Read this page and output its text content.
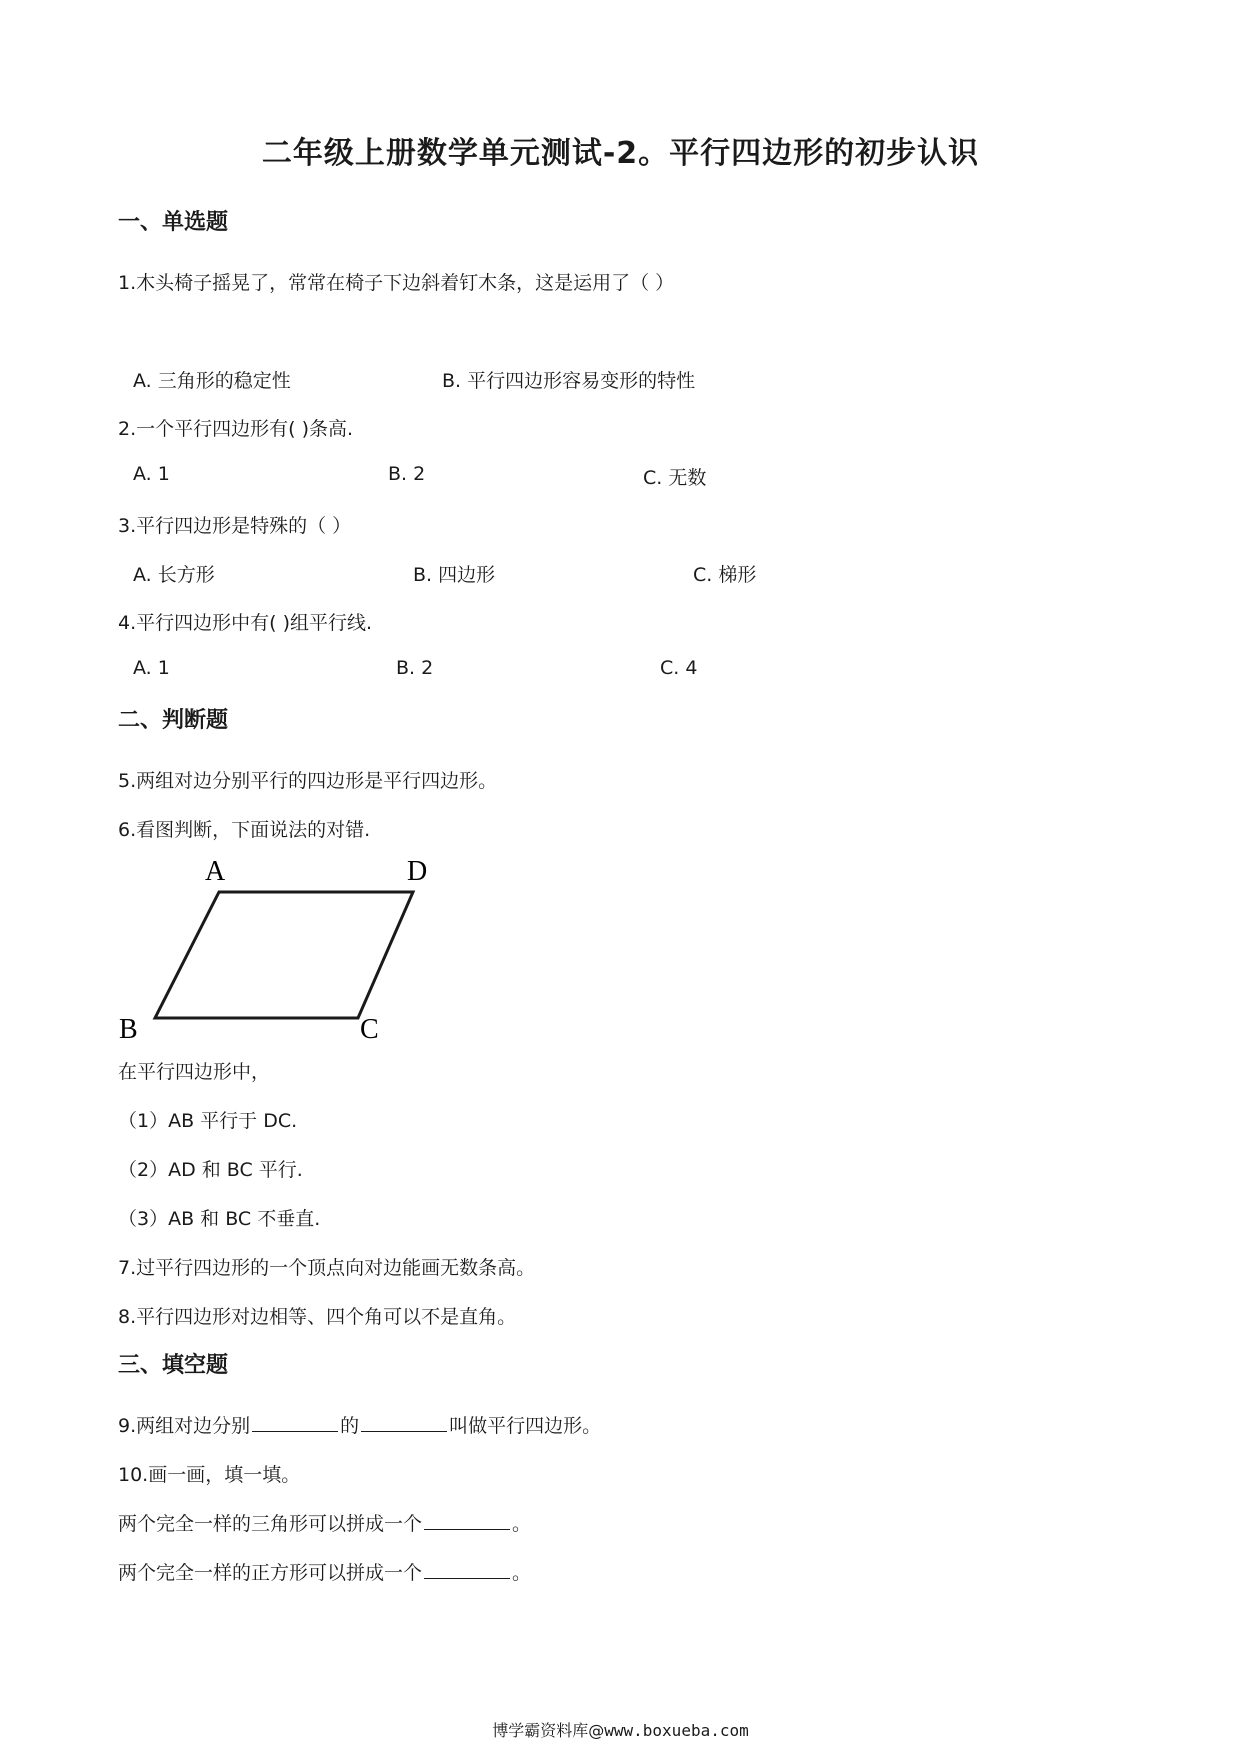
二年级上册数学单元测试-2。平行四边形的初步认识
一、单选题
1.木头椅子摇晃了，常常在椅子下边斜着钉木条，这是运用了（ ）
A. 三角形的稳定性	B. 平行四边形容易变形的特性
2.一个平行四边形有( )条高.
A. 1	B. 2	C. 无数
3.平行四边形是特殊的（ ）
A. 长方形	B. 四边形	C. 梯形
4.平行四边形中有( )组平行线.
A. 1	B. 2	C. 4
二、判断题
5.两组对边分别平行的四边形是平行四边形。
6.看图判断，下面说法的对错.
A	D
B	C
在平行四边形中，
（1）AB 平行于 DC.
（2）AD 和 BC 平行.
（3）AB 和 BC 不垂直.
7.过平行四边形的一个顶点向对边能画无数条高。
8.平行四边形对边相等、四个角可以不是直角。
三、填空题
9.两组对边分别	的	叫做平行四边形。
10.画一画，填一填。
两个完全一样的三角形可以拼成一个	。
两个完全一样的正方形可以拼成一个	。
博学霸资料库@www.boxueba.com
